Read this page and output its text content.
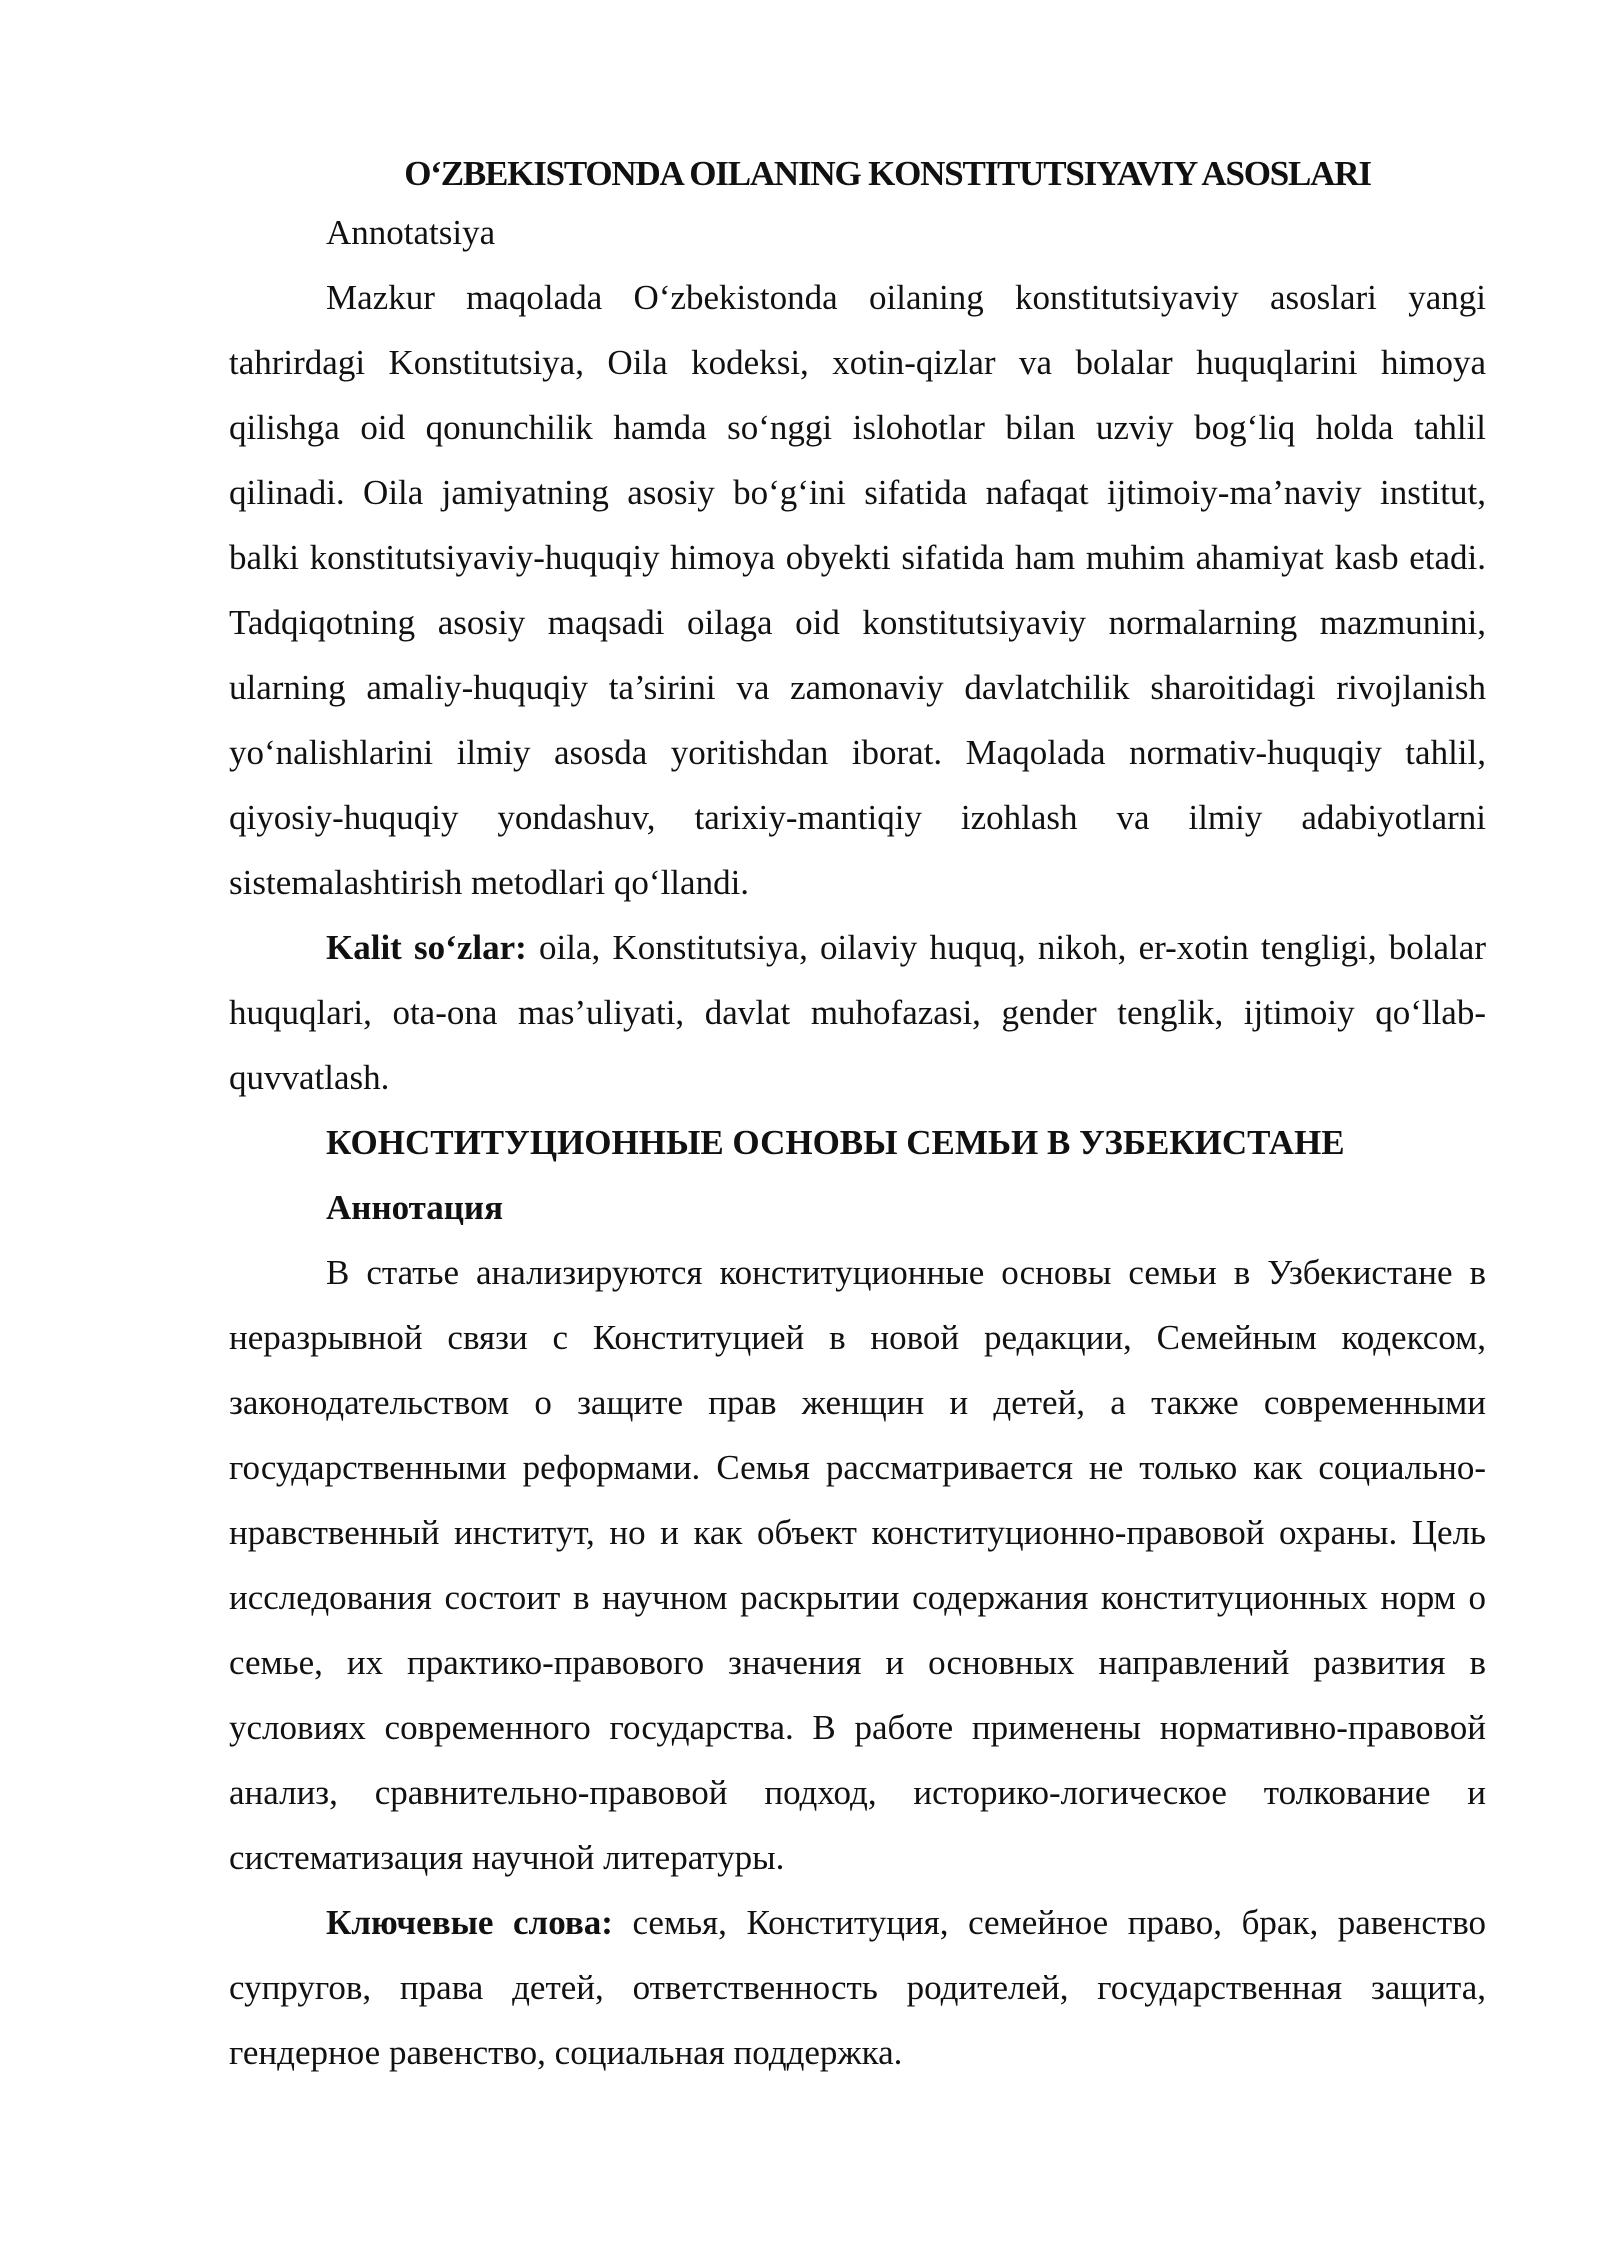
O‘ZBEKISTONDA OILANING KONSTITUTSIYAVIY ASOSLARI

Annotatsiya

Mazkur maqolada O‘zbekistonda oilaning konstitutsiyaviy asoslari yangi tahrirdagi Konstitutsiya, Oila kodeksi, xotin-qizlar va bolalar huquqlarini himoya qilishga oid qonunchilik hamda so‘nggi islohotlar bilan uzviy bog‘liq holda tahlil qilinadi. Oila jamiyatning asosiy bo‘g‘ini sifatida nafaqat ijtimoiy-ma’naviy institut, balki konstitutsiyaviy-huquqiy himoya obyekti sifatida ham muhim ahamiyat kasb etadi. Tadqiqotning asosiy maqsadi oilaga oid konstitutsiyaviy normalarning mazmunini, ularning amaliy-huquqiy ta’sirini va zamonaviy davlatchilik sharoitidagi rivojlanish yo‘nalishlarini ilmiy asosda yoritishdan iborat. Maqolada normativ-huquqiy tahlil, qiyosiy-huquqiy yondashuv, tarixiy-mantiqiy izohlash va ilmiy adabiyotlarni sistemalashtirish metodlari qo‘llandi.

Kalit so‘zlar: oila, Konstitutsiya, oilaviy huquq, nikoh, er-xotin tengligi, bolalar huquqlari, ota-ona mas’uliyati, davlat muhofazasi, gender tenglik, ijtimoiy qo‘llab-quvvatlash.

КОНСТИТУЦИОННЫЕ ОСНОВЫ СЕМЬИ В УЗБЕКИСТАНЕ

Аннотация

В статье анализируются конституционные основы семьи в Узбекистане в неразрывной связи с Конституцией в новой редакции, Семейным кодексом, законодательством о защите прав женщин и детей, а также современными государственными реформами. Семья рассматривается не только как социально-нравственный институт, но и как объект конституционно-правовой охраны. Цель исследования состоит в научном раскрытии содержания конституционных норм о семье, их практико-правового значения и основных направлений развития в условиях современного государства. В работе применены нормативно-правовой анализ, сравнительно-правовой подход, историко-логическое толкование и систематизация научной литературы.

Ключевые слова: семья, Конституция, семейное право, брак, равенство супругов, права детей, ответственность родителей, государственная защита, гендерное равенство, социальная поддержка.
